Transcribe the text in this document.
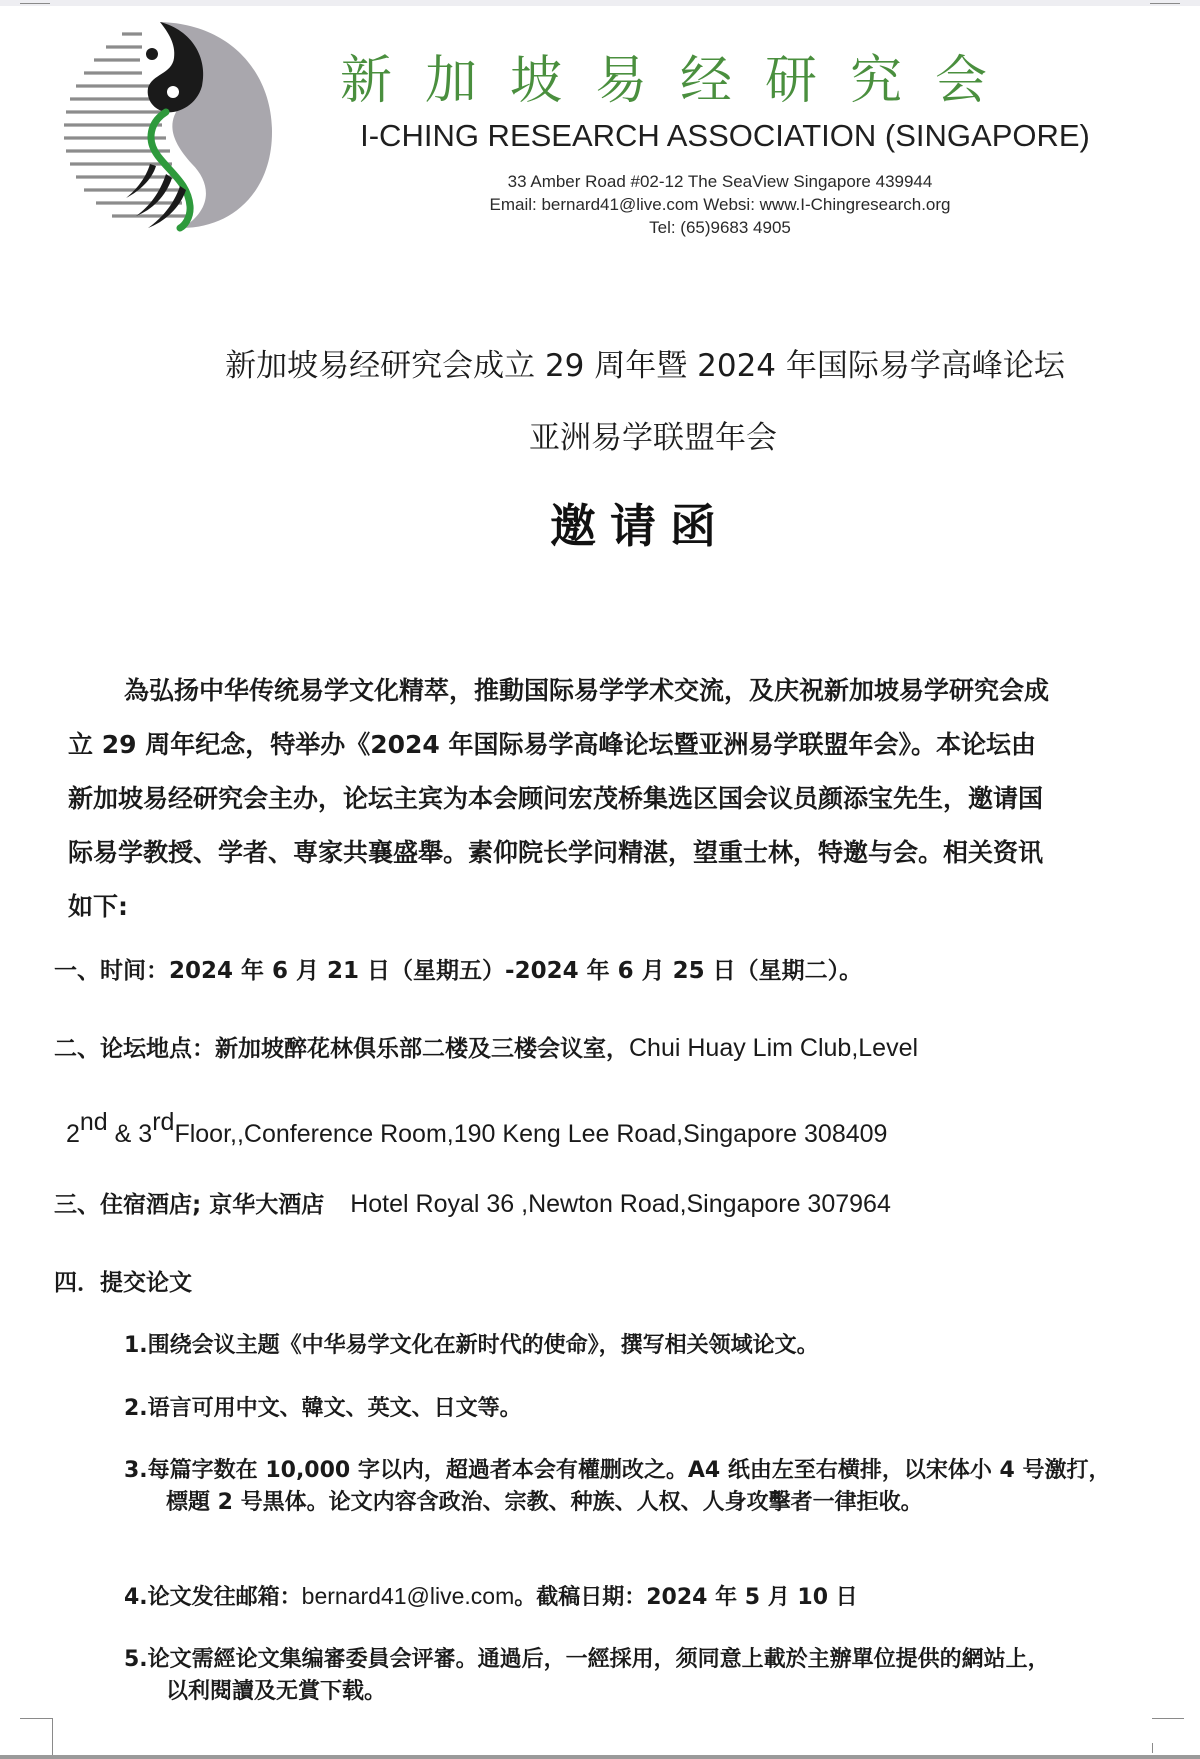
新加坡易经研究会
I-CHING RESEARCH ASSOCIATION (SINGAPORE)
33 Amber Road #02-12 The SeaView Singapore 439944
Email: bernard41@live.com Websi: www.I-Chingresearch.org
Tel: (65)9683 4905
新加坡易经研究会成立 29 周年暨 2024 年国际易学高峰论坛
亚洲易学联盟年会
邀请函
為弘扬中华传统易学文化精萃，推動国际易学学术交流，及庆祝新加坡易学研究会成
立 29 周年纪念，特举办《2024 年国际易学高峰论坛暨亚洲易学联盟年会》。本论坛由
新加坡易经研究会主办，论坛主宾为本会顾问宏茂桥集选区国会议员颜添宝先生，邀请国
际易学教授、学者、専家共襄盛舉。素仰院长学问精湛，望重士林，特邀与会。相关资讯
如下:
一、时间：2024 年 6 月 21 日（星期五）-2024 年 6 月 25 日（星期二）。
二、论坛地点：新加坡醉花林俱乐部二楼及三楼会议室，Chui Huay Lim Club,Level
2nd & 3rdFloor,,Conference Room,190 Keng Lee Road,Singapore 308409
三、住宿酒店; 京华大酒店 Hotel Royal 36 ,Newton Road,Singapore 307964
四．提交论文
1.围绕会议主题《中华易学文化在新时代的使命》，撰写相关领域论文。
2.语言可用中文、韓文、英文、日文等。
3.每篇字数在 10,000 字以内，超過者本会有權删改之。A4 纸由左至右横排，以宋体小 4 号激打，
標題 2 号黒体。论文内容含政治、宗教、种族、人权、人身攻擊者一律拒收。
4.论文发往邮箱：bernard41@live.com。截稿日期：2024 年 5 月 10 日
5.论文需經论文集编審委員会评審。通過后，一經採用，须同意上載於主辦單位提供的網站上，
以利閱讀及无賞下载。
